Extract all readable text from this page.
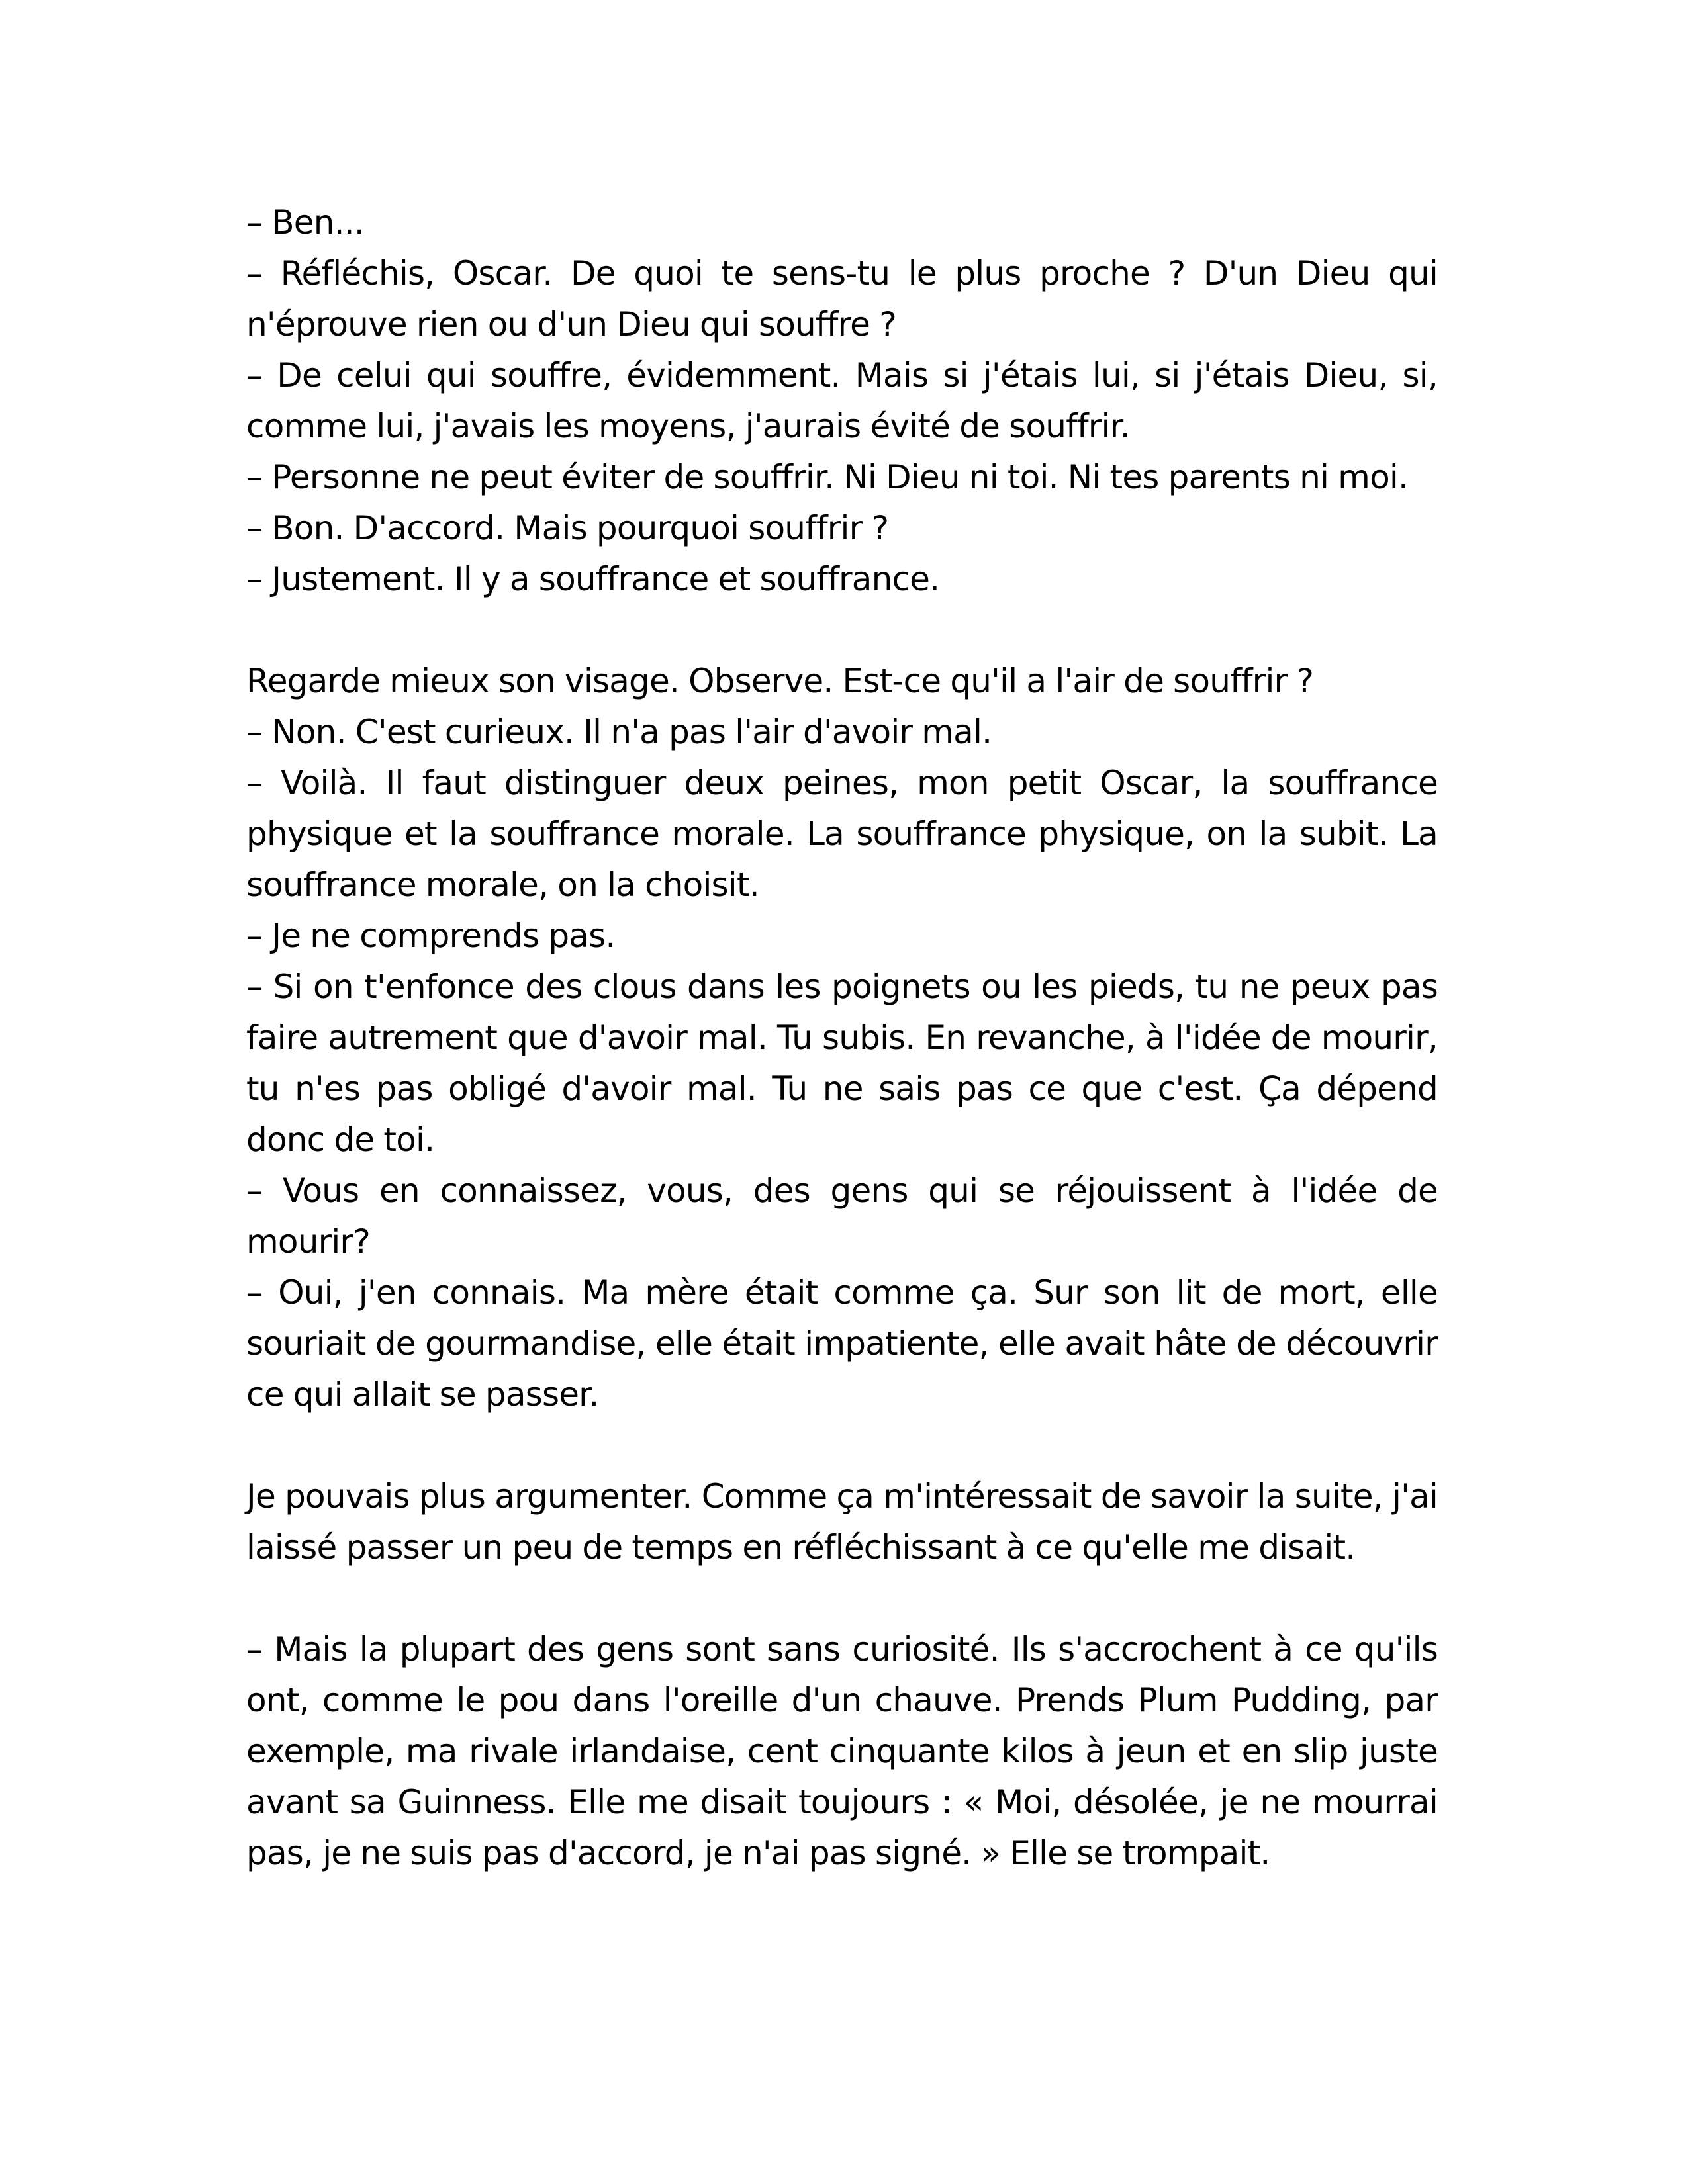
– Ben...

– Réfléchis, Oscar. De quoi te sens-tu le plus proche ? D'un Dieu qui n'éprouve rien ou d'un Dieu qui souffre ?

– De celui qui souffre, évidemment. Mais si j'étais lui, si j'étais Dieu, si, comme lui, j'avais les moyens, j'aurais évité de souffrir.

– Personne ne peut éviter de souffrir. Ni Dieu ni toi. Ni tes parents ni moi.

– Bon. D'accord. Mais pourquoi souffrir ?

– Justement. Il y a souffrance et souffrance.

Regarde mieux son visage. Observe. Est-ce qu'il a l'air de souffrir ?

– Non. C'est curieux. Il n'a pas l'air d'avoir mal.

– Voilà. Il faut distinguer deux peines, mon petit Oscar, la souffrance physique et la souffrance morale. La souffrance physique, on la subit. La souffrance morale, on la choisit.

– Je ne comprends pas.

– Si on t'enfonce des clous dans les poignets ou les pieds, tu ne peux pas faire autrement que d'avoir mal. Tu subis. En revanche, à l'idée de mourir, tu n'es pas obligé d'avoir mal. Tu ne sais pas ce que c'est. Ça dépend donc de toi.

– Vous en connaissez, vous, des gens qui se réjouissent à l'idée de mourir?

– Oui, j'en connais. Ma mère était comme ça. Sur son lit de mort, elle souriait de gourmandise, elle était impatiente, elle avait hâte de découvrir ce qui allait se passer.

Je pouvais plus argumenter. Comme ça m'intéressait de savoir la suite, j'ai laissé passer un peu de temps en réfléchissant à ce qu'elle me disait.

– Mais la plupart des gens sont sans curiosité. Ils s'accrochent à ce qu'ils ont, comme le pou dans l'oreille d'un chauve. Prends Plum Pudding, par exemple, ma rivale irlandaise, cent cinquante kilos à jeun et en slip juste avant sa Guinness. Elle me disait toujours : « Moi, désolée, je ne mourrai pas, je ne suis pas d'accord, je n'ai pas signé. » Elle se trompait.
